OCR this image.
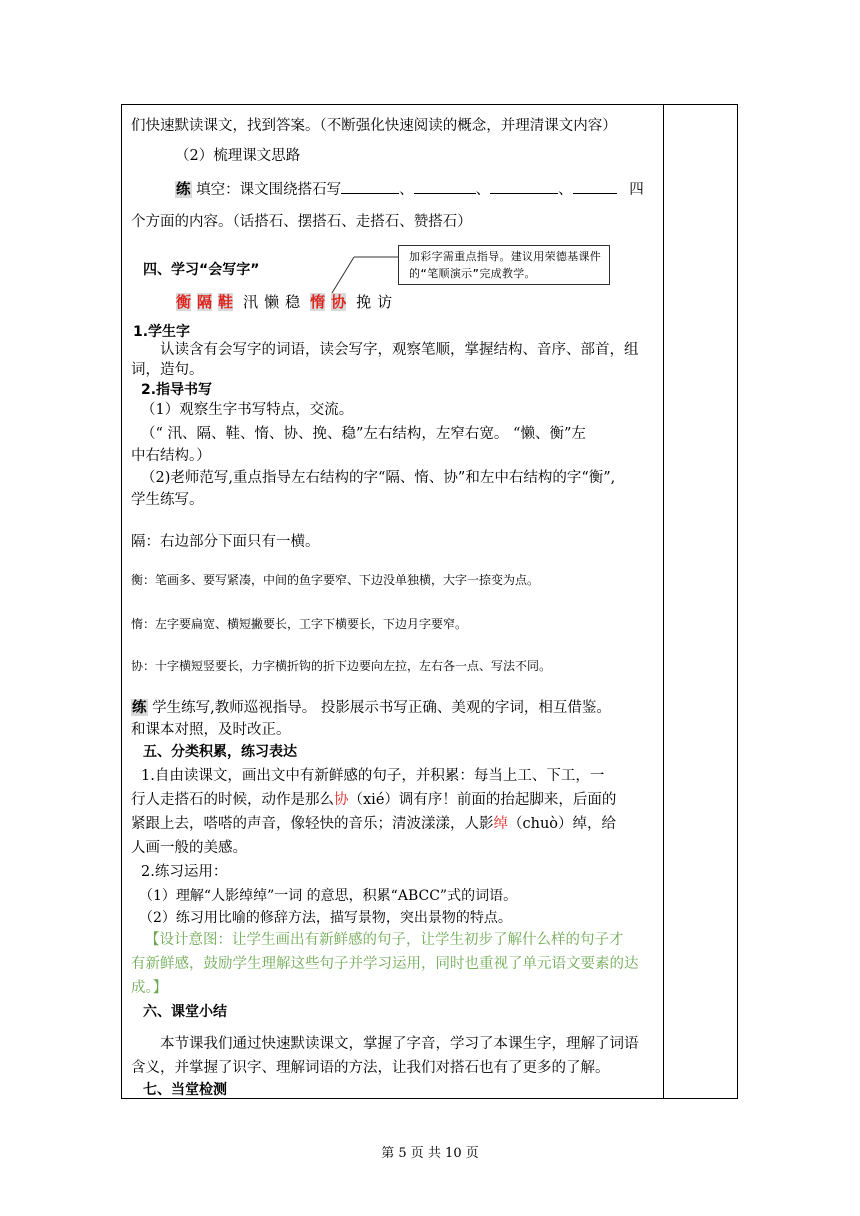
们快速默读课文，找到答案。（不断强化快速阅读的概念，并理清课文内容）
（2）梳理课文思路
练 填空：课文围绕搭石写	、	、	、	四
个方面的内容。（话搭石、摆搭石、走搭石、赞搭石）
四、学习“会写字”
1.学生字
认读含有会写字的词语，读会写字，观察笔顺，掌握结构、音序、部首，组
词，造句。
2.指导书写
（1）观察生字书写特点，交流。
（“ 汛、隔、鞋、惰、协、挽、稳”左右结构，左窄右宽。 “懒、衡”左
中右结构。）
（2)老师范写,重点指导左右结构的字“隔、惰、协”和左中右结构的字“衡”,
学生练写。
隔：右边部分下面只有一横。
衡：笔画多、要写紧凑，中间的鱼字要窄、下边没单独横，大字一捺变为点。
惰：左字要扁宽、横短撇要长，工字下横要长，下边月字要窄。
协：十字横短竖要长，力字横折钩的折下边要向左拉，左右各一点、写法不同。
练 学生练写,教师巡视指导。 投影展示书写正确、美观的字词，相互借鉴。
和课本对照，及时改正。
五、分类积累，练习表达
1.自由读课文，画出文中有新鲜感的句子，并积累：每当上工、下工，一
行人走搭石的时候，动作是那么协（xié）调有序！前面的抬起脚来，后面的
紧跟上去，嗒嗒的声音，像轻快的音乐；清波漾漾，人影绰（chuò）绰，给
人画一般的美感。
2.练习运用：
（1）理解“人影绰绰”一词 的意思，积累“ABCC”式的词语。
（2）练习用比喻的修辞方法，描写景物，突出景物的特点。
【设计意图：让学生画出有新鲜感的句子，让学生初步了解什么样的句子才
有新鲜感，鼓励学生理解这些句子并学习运用，同时也重视了单元语文要素的达
成。】
六、课堂小结
本节课我们通过快速默读课文，掌握了字音，学习了本课生字，理解了词语
含义，并掌握了识字、理解词语的方法，让我们对搭石也有了更多的了解。
七、当堂检测
加彩字需重点指导。建议用荣德基课件的“笔顺演示”完成教学。
衡 隔 鞋 汛 懒 稳 惰 协 挽 访
第 5 页 共 10 页
